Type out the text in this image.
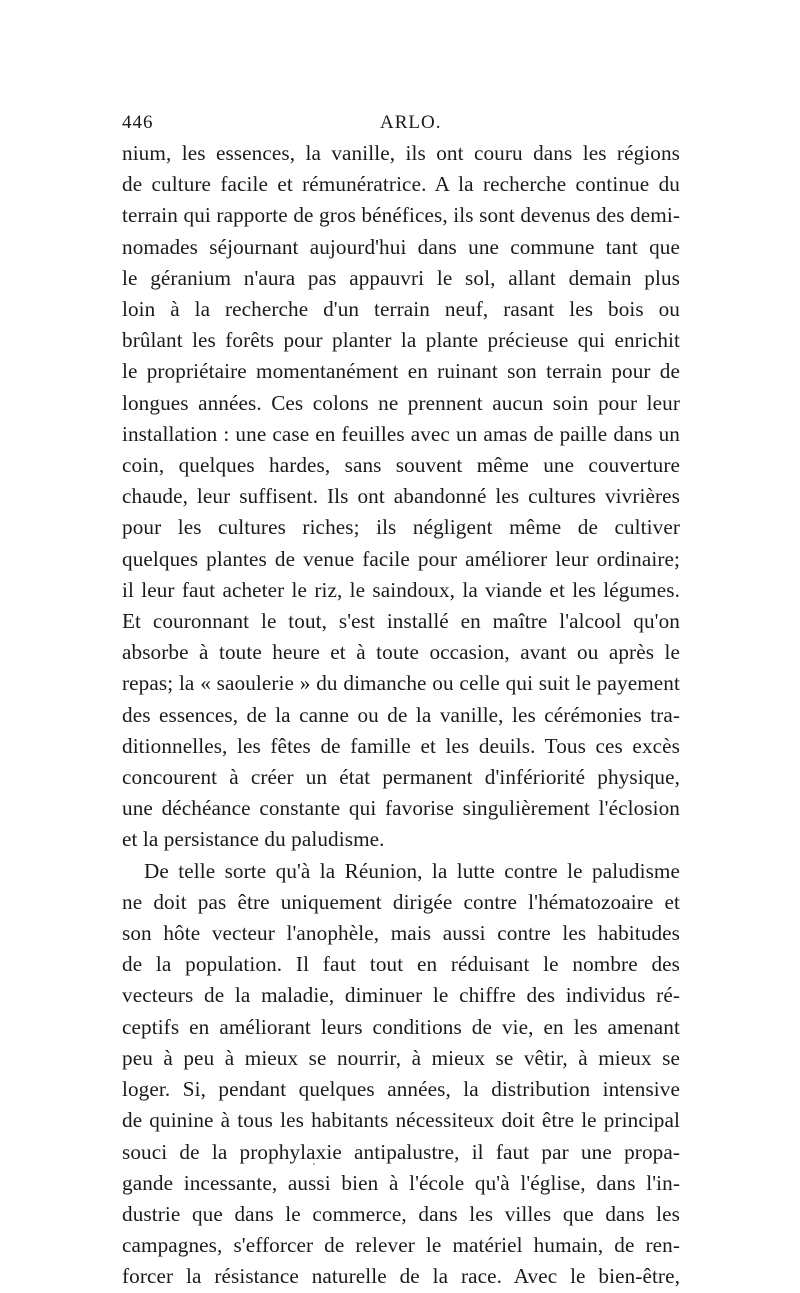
446	ARLO.
nium, les essences, la vanille, ils ont couru dans les régions
de culture facile et rémunératrice. A la recherche continue du
terrain qui rapporte de gros bénéfices, ils sont devenus des demi-
nomades séjournant aujourd'hui dans une commune tant que
le géranium n'aura pas appauvri le sol, allant demain plus
loin à la recherche d'un terrain neuf, rasant les bois ou
brûlant les forêts pour planter la plante précieuse qui enrichit
le propriétaire momentanément en ruinant son terrain pour de
longues années. Ces colons ne prennent aucun soin pour leur
installation : une case en feuilles avec un amas de paille dans un
coin, quelques hardes, sans souvent même une couverture
chaude, leur suffisent. Ils ont abandonné les cultures vivrières
pour les cultures riches; ils négligent même de cultiver
quelques plantes de venue facile pour améliorer leur ordinaire;
il leur faut acheter le riz, le saindoux, la viande et les légumes.
Et couronnant le tout, s'est installé en maître l'alcool qu'on
absorbe à toute heure et à toute occasion, avant ou après le
repas; la « saoulerie » du dimanche ou celle qui suit le payement
des essences, de la canne ou de la vanille, les cérémonies tra-
ditionnelles, les fêtes de famille et les deuils. Tous ces excès
concourent à créer un état permanent d'infériorité physique,
une déchéance constante qui favorise singulièrement l'éclosion
et la persistance du paludisme.
De telle sorte qu'à la Réunion, la lutte contre le paludisme
ne doit pas être uniquement dirigée contre l'hématozoaire et
son hôte vecteur l'anophèle, mais aussi contre les habitudes
de la population. Il faut tout en réduisant le nombre des
vecteurs de la maladie, diminuer le chiffre des individus ré-
ceptifs en améliorant leurs conditions de vie, en les amenant
peu à peu à mieux se nourrir, à mieux se vêtir, à mieux se
loger. Si, pendant quelques années, la distribution intensive
de quinine à tous les habitants nécessiteux doit être le principal
souci de la prophylaxie antipalustre, il faut par une propa-
gande incessante, aussi bien à l'école qu'à l'église, dans l'in-
dustrie que dans le commerce, dans les villes que dans les
campagnes, s'efforcer de relever le matériel humain, de ren-
forcer la résistance naturelle de la race. Avec le bien-être,
